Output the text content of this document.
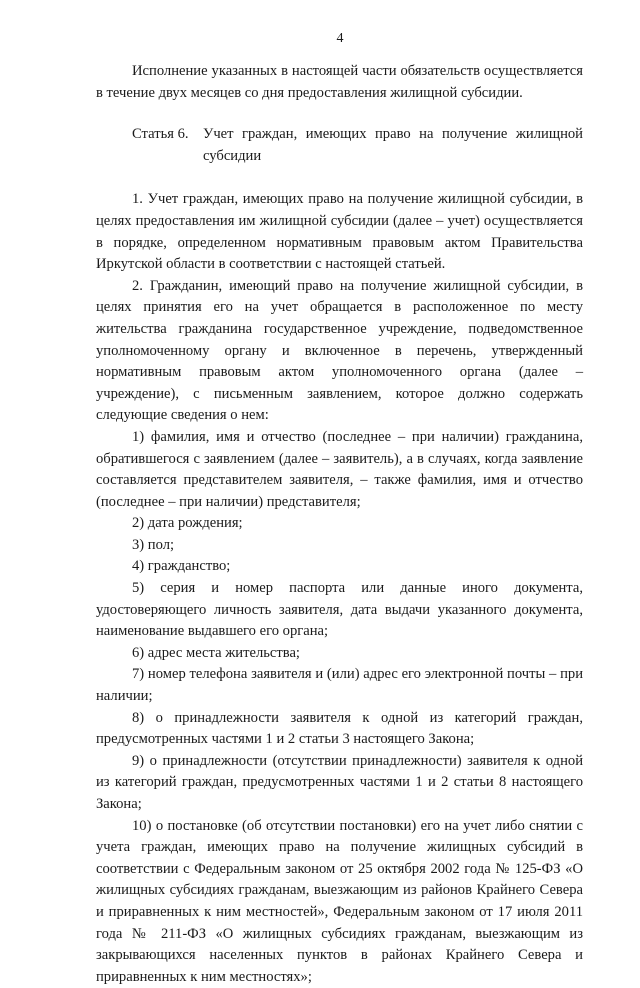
4

Исполнение указанных в настоящей части обязательств осуществляется в течение двух месяцев со дня предоставления жилищной субсидии.

Статья 6. Учет граждан, имеющих право на получение жилищной субсидии

1. Учет граждан, имеющих право на получение жилищной субсидии, в целях предоставления им жилищной субсидии (далее – учет) осуществляется в порядке, определенном нормативным правовым актом Правительства Иркутской области в соответствии с настоящей статьей.

2. Гражданин, имеющий право на получение жилищной субсидии, в целях принятия его на учет обращается в расположенное по месту жительства гражданина государственное учреждение, подведомственное уполномоченному органу и включенное в перечень, утвержденный нормативным правовым актом уполномоченного органа (далее – учреждение), с письменным заявлением, которое должно содержать следующие сведения о нем:

1) фамилия, имя и отчество (последнее – при наличии) гражданина, обратившегося с заявлением (далее – заявитель), а в случаях, когда заявление составляется представителем заявителя, – также фамилия, имя и отчество (последнее – при наличии) представителя;

2) дата рождения;

3) пол;

4) гражданство;

5) серия и номер паспорта или данные иного документа, удостоверяющего личность заявителя, дата выдачи указанного документа, наименование выдавшего его органа;

6) адрес места жительства;

7) номер телефона заявителя и (или) адрес его электронной почты – при наличии;

8) о принадлежности заявителя к одной из категорий граждан, предусмотренных частями 1 и 2 статьи 3 настоящего Закона;

9) о принадлежности (отсутствии принадлежности) заявителя к одной из категорий граждан, предусмотренных частями 1 и 2 статьи 8 настоящего Закона;

10) о постановке (об отсутствии постановки) его на учет либо снятии с учета граждан, имеющих право на получение жилищных субсидий в соответствии с Федеральным законом от 25 октября 2002 года № 125-ФЗ «О жилищных субсидиях гражданам, выезжающим из районов Крайнего Севера и приравненных к ним местностей», Федеральным законом от 17 июля 2011 года № 211-ФЗ «О жилищных субсидиях гражданам, выезжающим из закрывающихся населенных пунктов в районах Крайнего Севера и приравненных к ним местностях»;
